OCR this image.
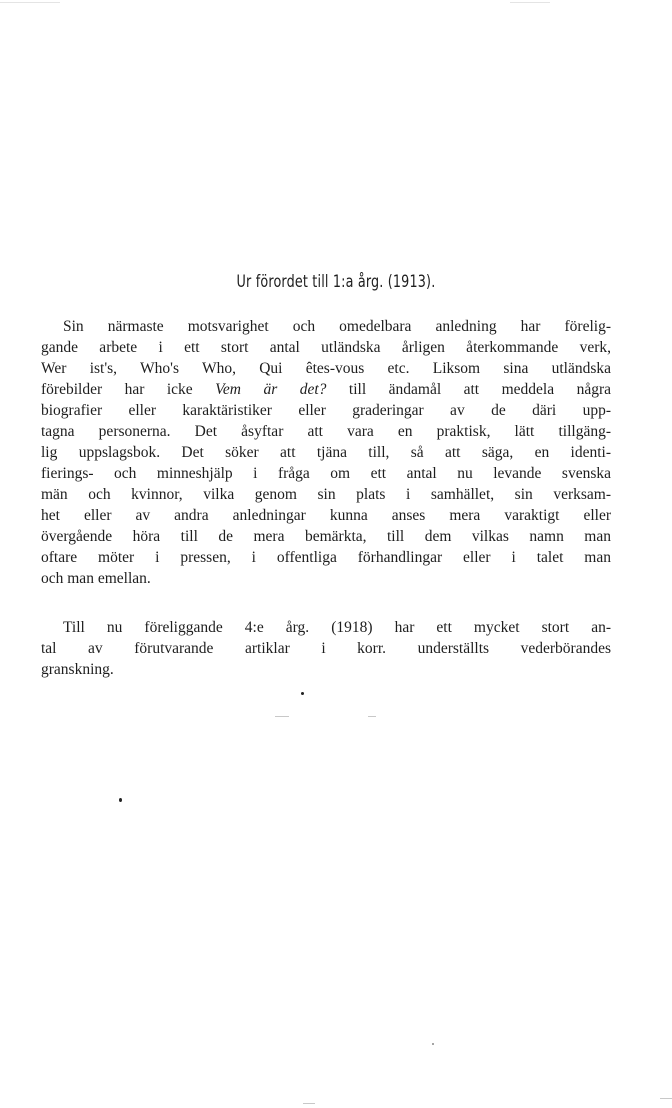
Ur förordet till 1:a årg. (1913).
Sin närmaste motsvarighet och omedelbara anledning har förelig-
gande arbete i ett stort antal utländska årligen återkommande verk,
Wer ist's, Who's Who, Qui êtes-vous etc. Liksom sina utländska
förebilder har icke Vem är det? till ändamål att meddela några
biografier eller karaktäristiker eller graderingar av de däri upp-
tagna personerna. Det åsyftar att vara en praktisk, lätt tillgäng-
lig uppslagsbok. Det söker att tjäna till, så att säga, en identi-
fierings- och minneshjälp i fråga om ett antal nu levande svenska
män och kvinnor, vilka genom sin plats i samhället, sin verksam-
het eller av andra anledningar kunna anses mera varaktigt eller
övergående höra till de mera bemärkta, till dem vilkas namn man
oftare möter i pressen, i offentliga förhandlingar eller i talet man
och man emellan.
Till nu föreliggande 4:e årg. (1918) har ett mycket stort an-
tal av förutvarande artiklar i korr. underställts vederbörandes
granskning.
